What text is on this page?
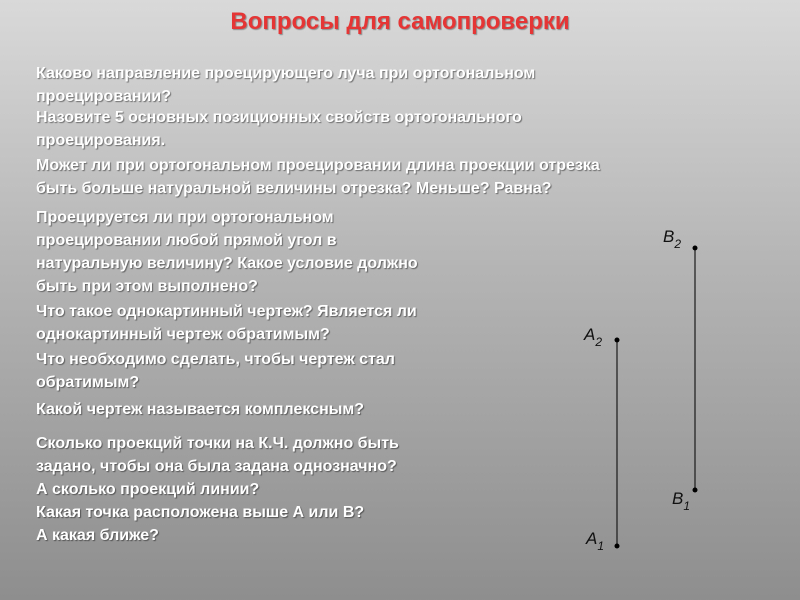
Вопросы для самопроверки
Каково направление проецирующего луча при ортогональном
проецировании?
Назовите 5 основных позиционных свойств ортогонального
проецирования.
Может ли при ортогональном проецировании длина проекции отрезка
быть больше натуральной величины отрезка? Меньше? Равна?
Проецируется ли при ортогональном
проецировании любой прямой угол в
натуральную величину? Какое условие должно
быть при этом выполнено?
Что такое однокартинный чертеж? Является ли
однокартинный чертеж обратимым?
Что необходимо сделать, чтобы чертеж стал
обратимым?
Какой чертеж называется комплексным?
Сколько проекций точки на К.Ч. должно быть
задано, чтобы она была задана однозначно?
А сколько проекций линии?
Какая точка расположена выше А или В?
А какая ближе?
$B_2$
$A_2$
$B_1$
$A_1$
